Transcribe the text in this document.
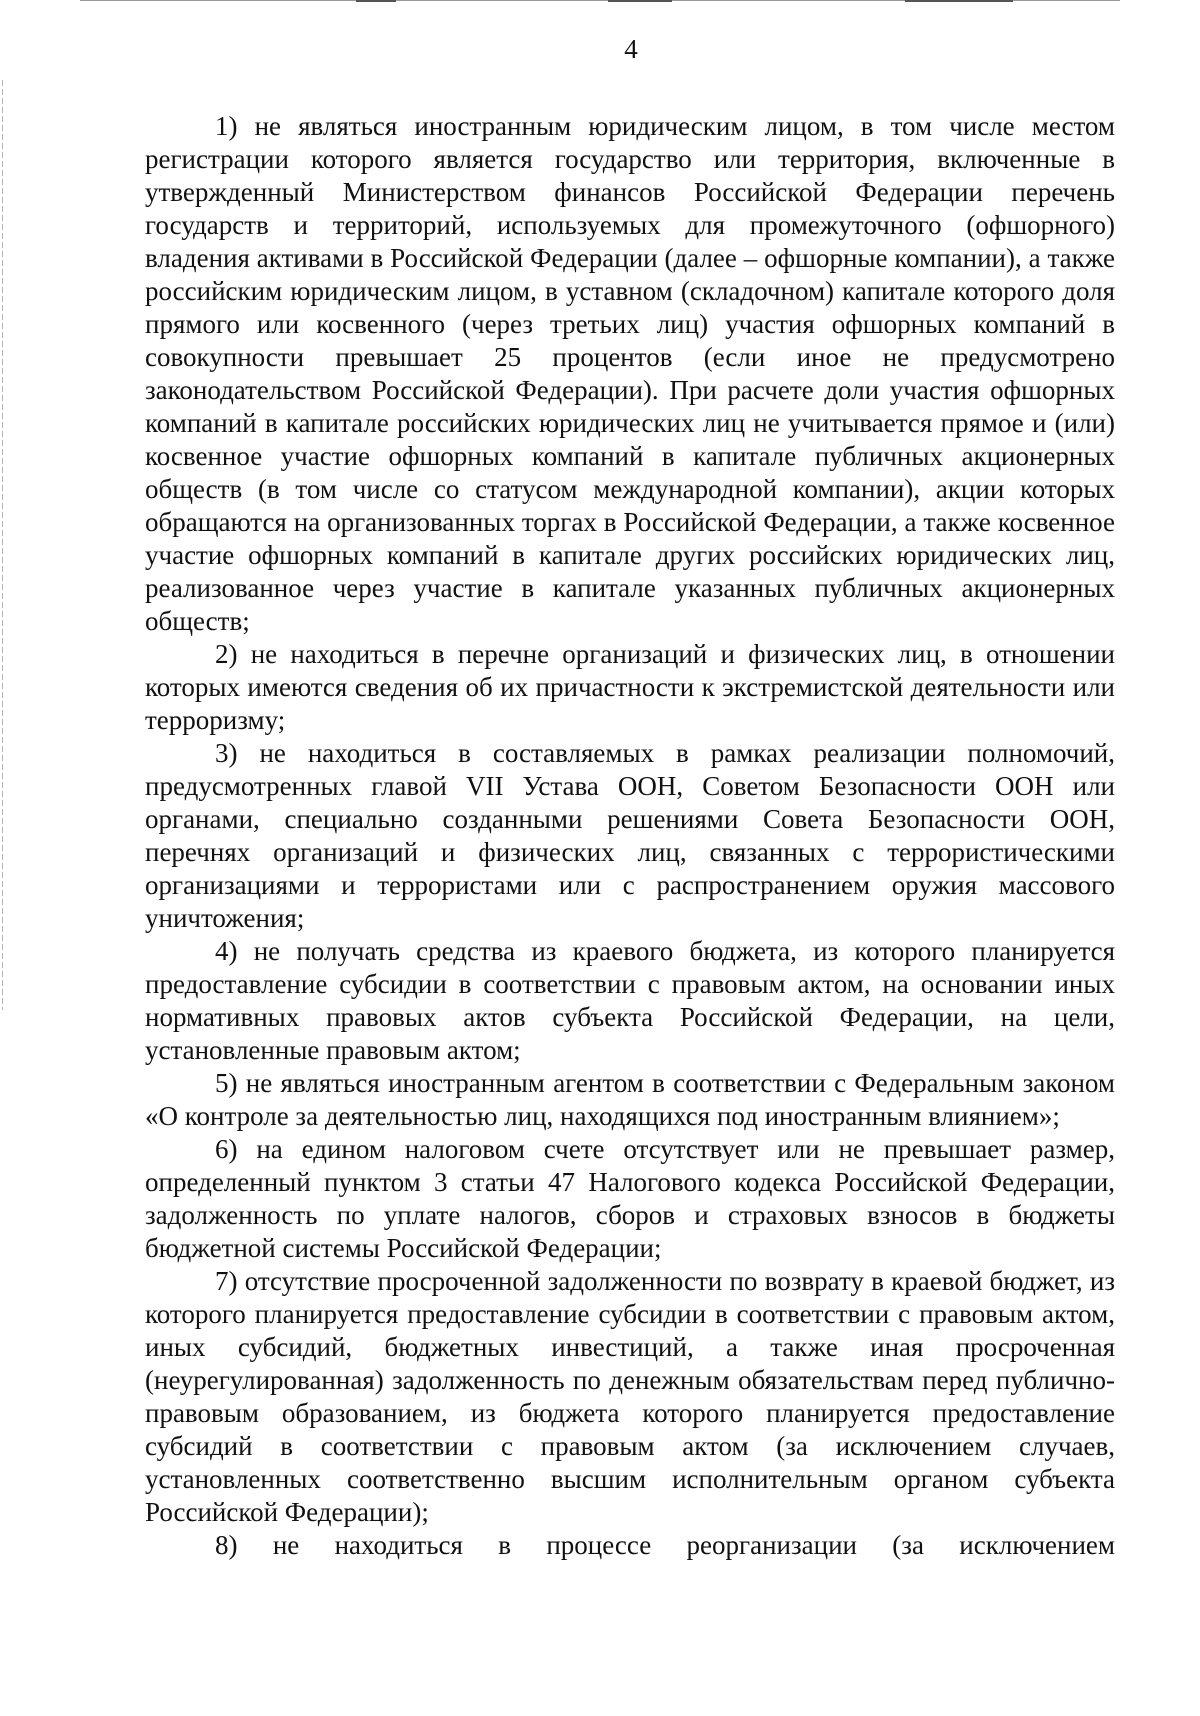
4

1) не являться иностранным юридическим лицом, в том числе местом регистрации которого является государство или территория, включенные в утвержденный Министерством финансов Российской Федерации перечень государств и территорий, используемых для промежуточного (офшорного) владения активами в Российской Федерации (далее – офшорные компании), а также российским юридическим лицом, в уставном (складочном) капитале которого доля прямого или косвенного (через третьих лиц) участия офшорных компаний в совокупности превышает 25 процентов (если иное не предусмотрено законодательством Российской Федерации). При расчете доли участия офшорных компаний в капитале российских юридических лиц не учитывается прямое и (или) косвенное участие офшорных компаний в капитале публичных акционерных обществ (в том числе со статусом международной компании), акции которых обращаются на организованных торгах в Российской Федерации, а также косвенное участие офшорных компаний в капитале других российских юридических лиц, реализованное через участие в капитале указанных публичных акционерных обществ;

2) не находиться в перечне организаций и физических лиц, в отношении которых имеются сведения об их причастности к экстремистской деятельности или терроризму;

3) не находиться в составляемых в рамках реализации полномочий, предусмотренных главой VII Устава ООН, Советом Безопасности ООН или органами, специально созданными решениями Совета Безопасности ООН, перечнях организаций и физических лиц, связанных с террористическими организациями и террористами или с распространением оружия массового уничтожения;

4) не получать средства из краевого бюджета, из которого планируется предоставление субсидии в соответствии с правовым актом, на основании иных нормативных правовых актов субъекта Российской Федерации, на цели, установленные правовым актом;

5) не являться иностранным агентом в соответствии с Федеральным законом «О контроле за деятельностью лиц, находящихся под иностранным влиянием»;

6) на едином налоговом счете отсутствует или не превышает размер, определенный пунктом 3 статьи 47 Налогового кодекса Российской Федерации, задолженность по уплате налогов, сборов и страховых взносов в бюджеты бюджетной системы Российской Федерации;

7) отсутствие просроченной задолженности по возврату в краевой бюджет, из которого планируется предоставление субсидии в соответствии с правовым актом, иных субсидий, бюджетных инвестиций, а также иная просроченная (неурегулированная) задолженность по денежным обязательствам перед публично-правовым образованием, из бюджета которого планируется предоставление субсидий в соответствии с правовым актом (за исключением случаев, установленных соответственно высшим исполнительным органом субъекта Российской Федерации);

8) не находиться в процессе реорганизации (за исключением
